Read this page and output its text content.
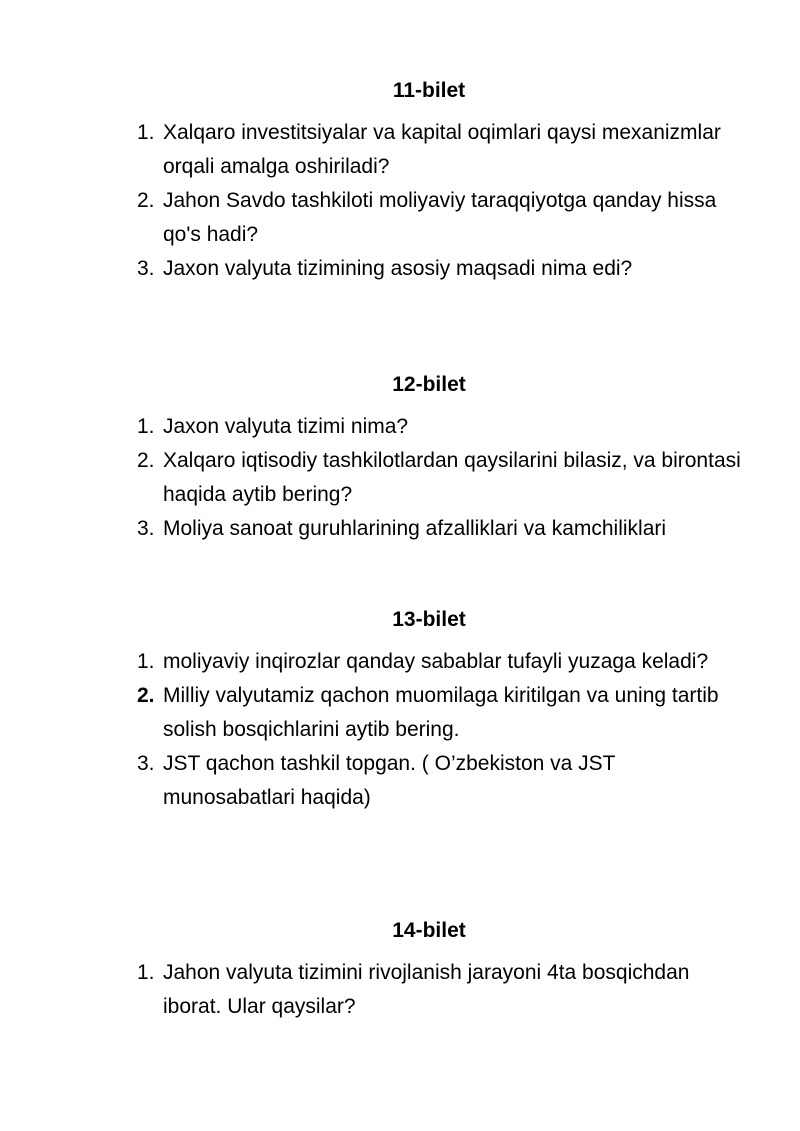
11-bilet
1. Xalqaro investitsiyalar va kapital oqimlari qaysi mexanizmlar orqali amalga oshiriladi?
2. Jahon Savdo tashkiloti moliyaviy taraqqiyotga qanday hissa qo's hadi?
3. Jaxon valyuta tizimining asosiy maqsadi nima edi?
12-bilet
1. Jaxon valyuta tizimi nima?
2. Xalqaro iqtisodiy tashkilotlardan qaysilarini bilasiz, va birontasi haqida aytib bering?
3. Moliya sanoat guruhlarining afzalliklari va kamchiliklari
13-bilet
1. moliyaviy inqirozlar qanday sabablar tufayli yuzaga keladi?
2. Milliy valyutamiz qachon muomilaga kiritilgan va uning tartib solish bosqichlarini aytib bering.
3. JST qachon tashkil topgan. ( O’zbekiston va JST munosabatlari haqida)
14-bilet
1. Jahon valyuta tizimini rivojlanish jarayoni 4ta bosqichdan iborat. Ular qaysilar?
